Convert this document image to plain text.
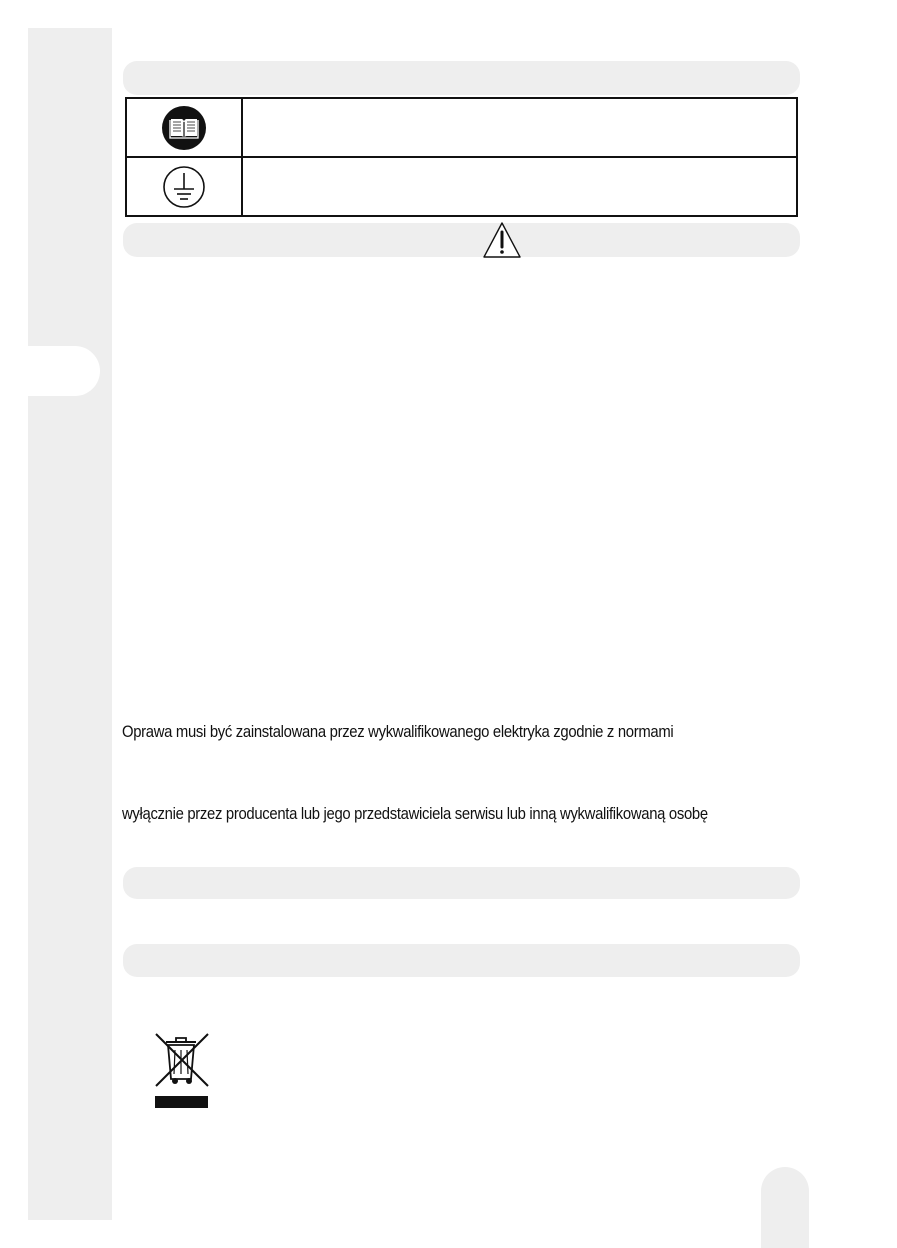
Oprawa musi być zainstalowana przez wykwalifikowanego elektryka zgodnie z normami
wyłącznie przez producenta lub jego przedstawiciela serwisu lub inną wykwalifikowaną osobę
